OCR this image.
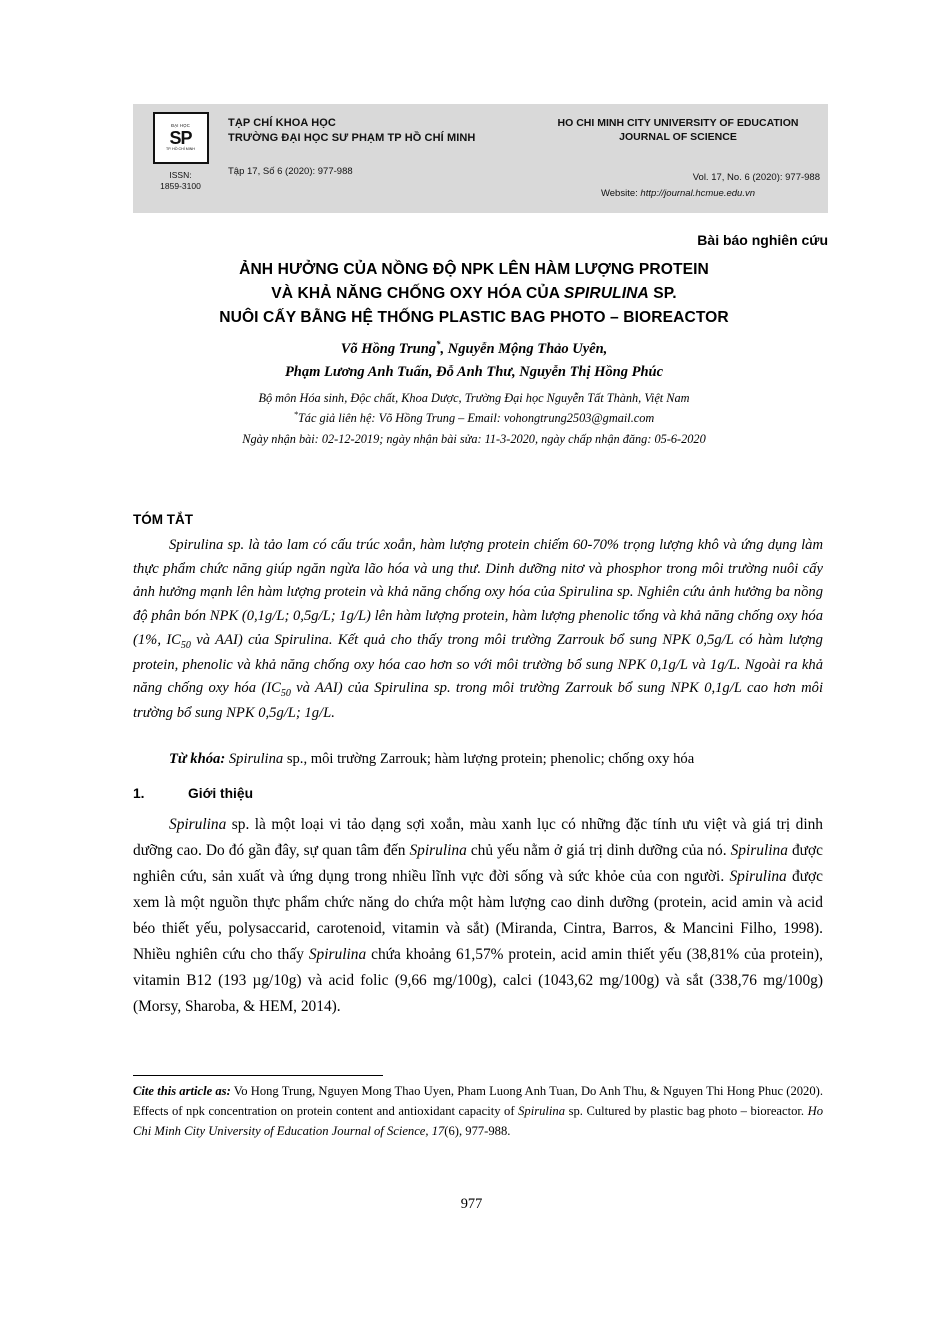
ĐẠI HỌC
SP
TP. HỒ CHÍ MINH
TẠP CHÍ KHOA HỌC
TRƯỜNG ĐẠI HỌC SƯ PHẠM TP HỒ CHÍ MINH
HO CHI MINH CITY UNIVERSITY OF EDUCATION
JOURNAL OF SCIENCE
ISSN:
1859-3100
Tập 17, Số 6 (2020): 977-988
Website: http://journal.hcmue.edu.vn
Vol. 17, No. 6 (2020): 977-988
Bài báo nghiên cứu
ẢNH HƯỞNG CỦA NỒNG ĐỘ NPK LÊN HÀM LƯỢNG PROTEIN
VÀ KHẢ NĂNG CHỐNG OXY HÓA CỦA SPIRULINA SP.
NUÔI CẤY BẰNG HỆ THỐNG PLASTIC BAG PHOTO – BIOREACTOR
Võ Hồng Trung*, Nguyễn Mộng Thảo Uyên,
Phạm Lương Anh Tuấn, Đỗ Anh Thư, Nguyễn Thị Hồng Phúc
Bộ môn Hóa sinh, Độc chất, Khoa Dược, Trường Đại học Nguyễn Tất Thành, Việt Nam
*Tác giả liên hệ: Võ Hồng Trung – Email: vohongtrung2503@gmail.com
Ngày nhận bài: 02-12-2019; ngày nhận bài sửa: 11-3-2020, ngày chấp nhận đăng: 05-6-2020
TÓM TẮT
Spirulina sp. là tảo lam có cấu trúc xoắn, hàm lượng protein chiếm 60-70% trọng lượng khô và ứng dụng làm thực phẩm chức năng giúp ngăn ngừa lão hóa và ung thư. Dinh dưỡng nitơ và phosphor trong môi trường nuôi cấy ảnh hưởng mạnh lên hàm lượng protein và khả năng chống oxy hóa của Spirulina sp. Nghiên cứu ảnh hưởng ba nồng độ phân bón NPK (0,1g/L; 0,5g/L; 1g/L) lên hàm lượng protein, hàm lượng phenolic tổng và khả năng chống oxy hóa (1%, $IC_{50}$ và AAI) của Spirulina. Kết quả cho thấy trong môi trường Zarrouk bổ sung NPK 0,5g/L có hàm lượng protein, phenolic và khả năng chống oxy hóa cao hơn so với môi trường bổ sung NPK 0,1g/L và 1g/L. Ngoài ra khả năng chống oxy hóa ($IC_{50}$ và AAI) của Spirulina sp. trong môi trường Zarrouk bổ sung NPK 0,1g/L cao hơn môi trường bổ sung NPK 0,5g/L; 1g/L.
Từ khóa: Spirulina sp., môi trường Zarrouk; hàm lượng protein; phenolic; chống oxy hóa
1.	Giới thiệu
Spirulina sp. là một loại vi tảo dạng sợi xoắn, màu xanh lục có những đặc tính ưu việt và giá trị dinh dưỡng cao. Do đó gần đây, sự quan tâm đến Spirulina chủ yếu nằm ở giá trị dinh dưỡng của nó. Spirulina được nghiên cứu, sản xuất và ứng dụng trong nhiều lĩnh vực đời sống và sức khỏe của con người. Spirulina được xem là một nguồn thực phẩm chức năng do chứa một hàm lượng cao dinh dưỡng (protein, acid amin và acid béo thiết yếu, polysaccarid, carotenoid, vitamin và sắt) (Miranda, Cintra, Barros, & Mancini Filho, 1998). Nhiều nghiên cứu cho thấy Spirulina chứa khoảng 61,57% protein, acid amin thiết yếu (38,81% của protein), vitamin B12 (193 µg/10g) và acid folic (9,66 mg/100g), calci (1043,62 mg/100g) và sắt (338,76 mg/100g) (Morsy, Sharoba, & HEM, 2014).
Cite this article as: Vo Hong Trung, Nguyen Mong Thao Uyen, Pham Luong Anh Tuan, Do Anh Thu, & Nguyen Thi Hong Phuc (2020). Effects of npk concentration on protein content and antioxidant capacity of Spirulina sp. Cultured by plastic bag photo – bioreactor. Ho Chi Minh City University of Education Journal of Science, 17(6), 977-988.
977
